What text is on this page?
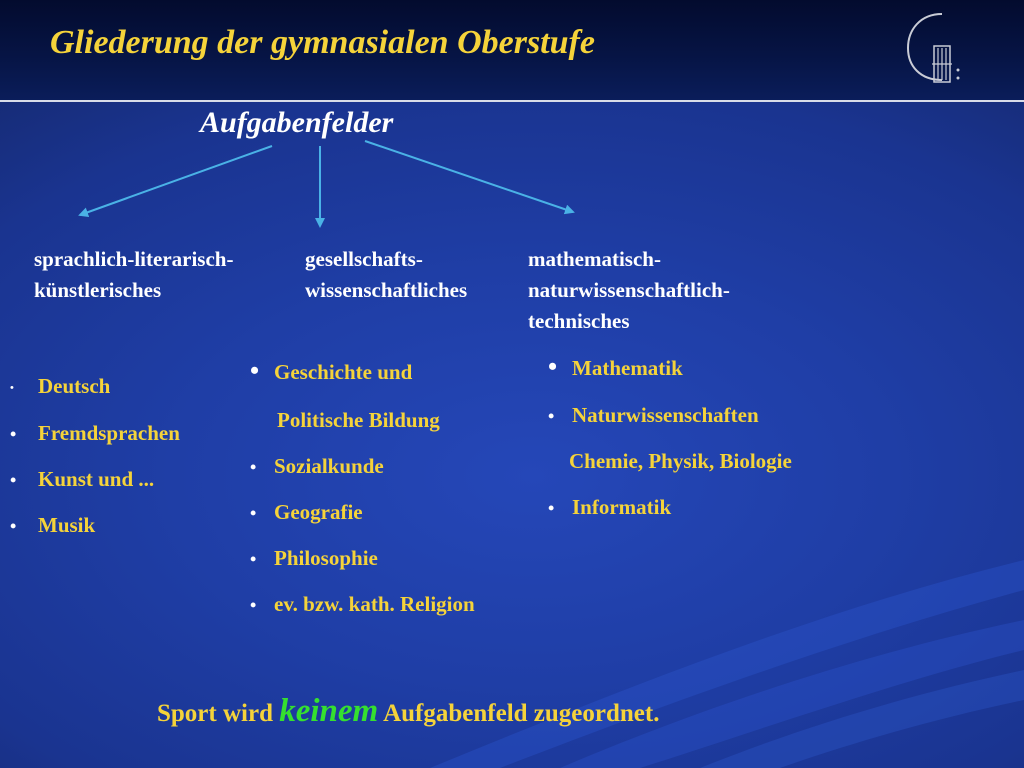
Gliederung der gymnasialen Oberstufe
Aufgabenfelder
sprachlich-literarisch-
künstlerisches
gesellschafts-
wissenschaftliches
mathematisch-
naturwissenschaftlich-
technisches
• Deutsch
• Fremdsprachen
• Kunst und ...
• Musik
• Geschichte und
Politische Bildung
• Sozialkunde
• Geografie
• Philosophie
• ev. bzw. kath. Religion
• Mathematik
• Naturwissenschaften
Chemie, Physik, Biologie
• Informatik
Sport wird keinem Aufgabenfeld zugeordnet.
